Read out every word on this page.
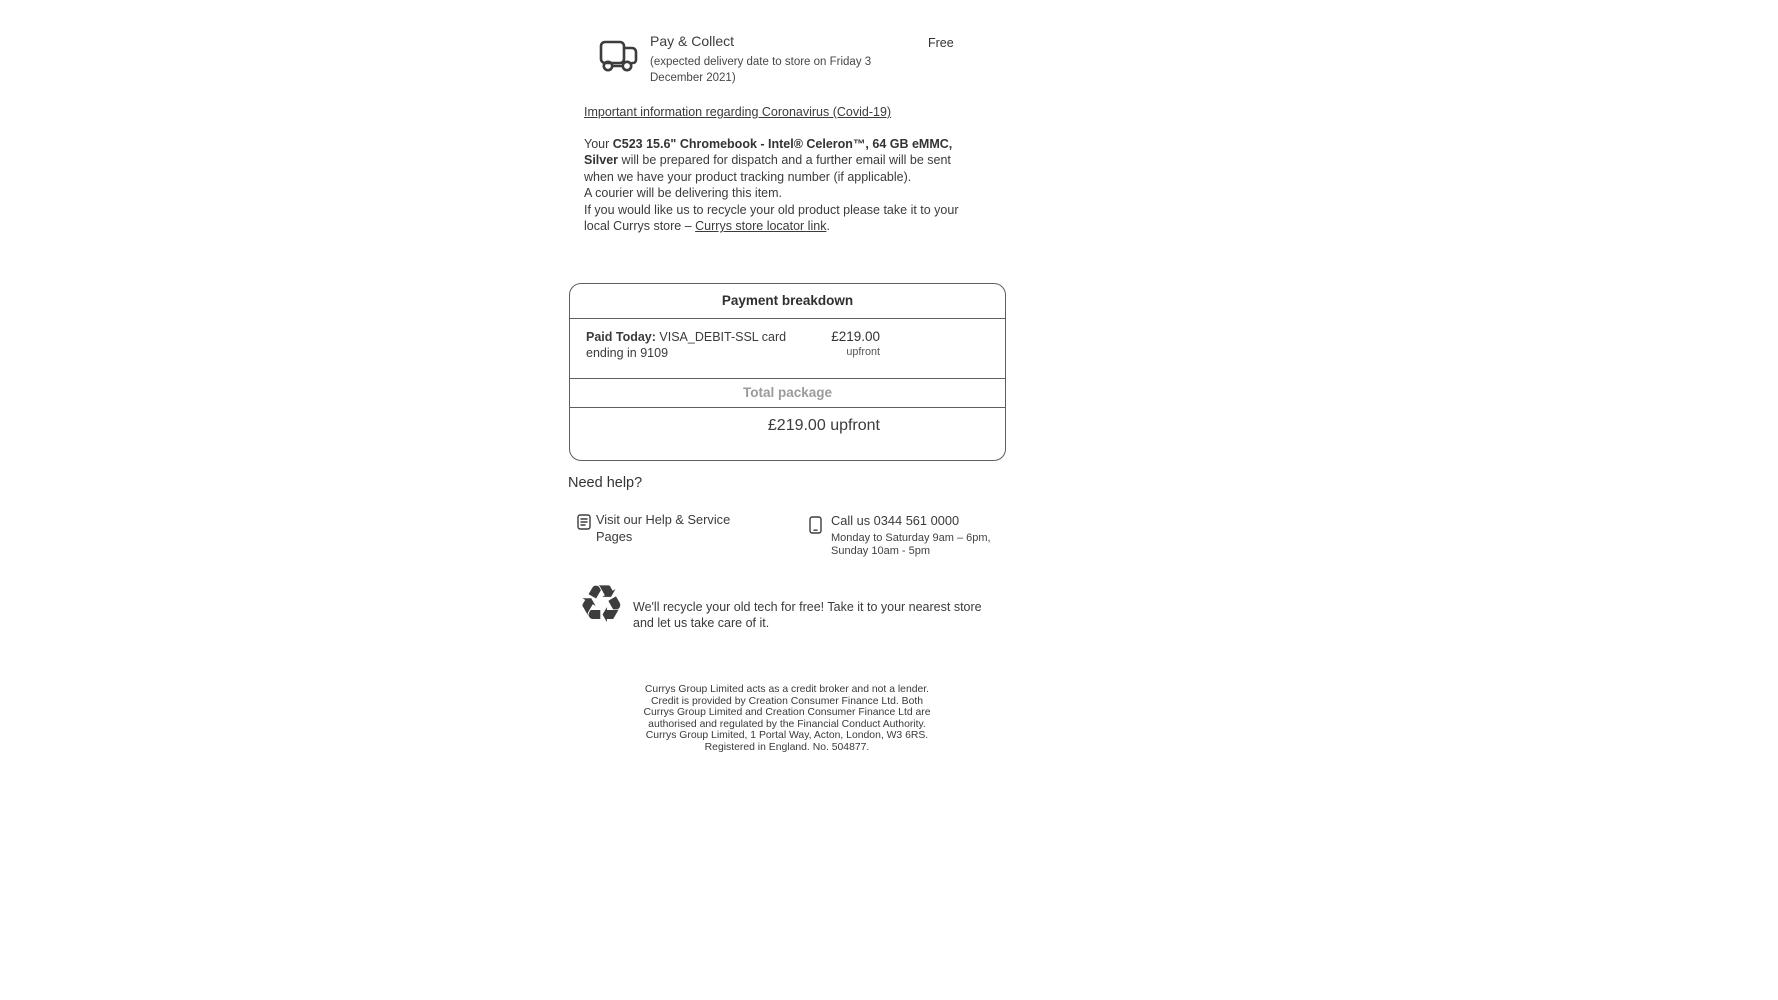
Pay & Collect
(expected delivery date to store on Friday 3
December 2021)
Free
Important information regarding Coronavirus (Covid-19)
Your C523 15.6" Chromebook - Intel® Celeron™, 64 GB eMMC, Silver will be prepared for dispatch and a further email will be sent when we have your product tracking number (if applicable).
A courier will be delivering this item.
If you would like us to recycle your old product please take it to your local Currys store – Currys store locator link.
Payment breakdown
Paid Today: VISA_DEBIT-SSL card ending in 9109
£219.00
upfront
Total package
£219.00 upfront
Need help?
Visit our Help & Service Pages
Call us 0344 561 0000
Monday to Saturday 9am – 6pm,
Sunday 10am - 5pm
♻ We'll recycle your old tech for free! Take it to your nearest store and let us take care of it.
Currys Group Limited acts as a credit broker and not a lender. Credit is provided by Creation Consumer Finance Ltd. Both Currys Group Limited and Creation Consumer Finance Ltd are authorised and regulated by the Financial Conduct Authority. Currys Group Limited, 1 Portal Way, Acton, London, W3 6RS. Registered in England. No. 504877.
